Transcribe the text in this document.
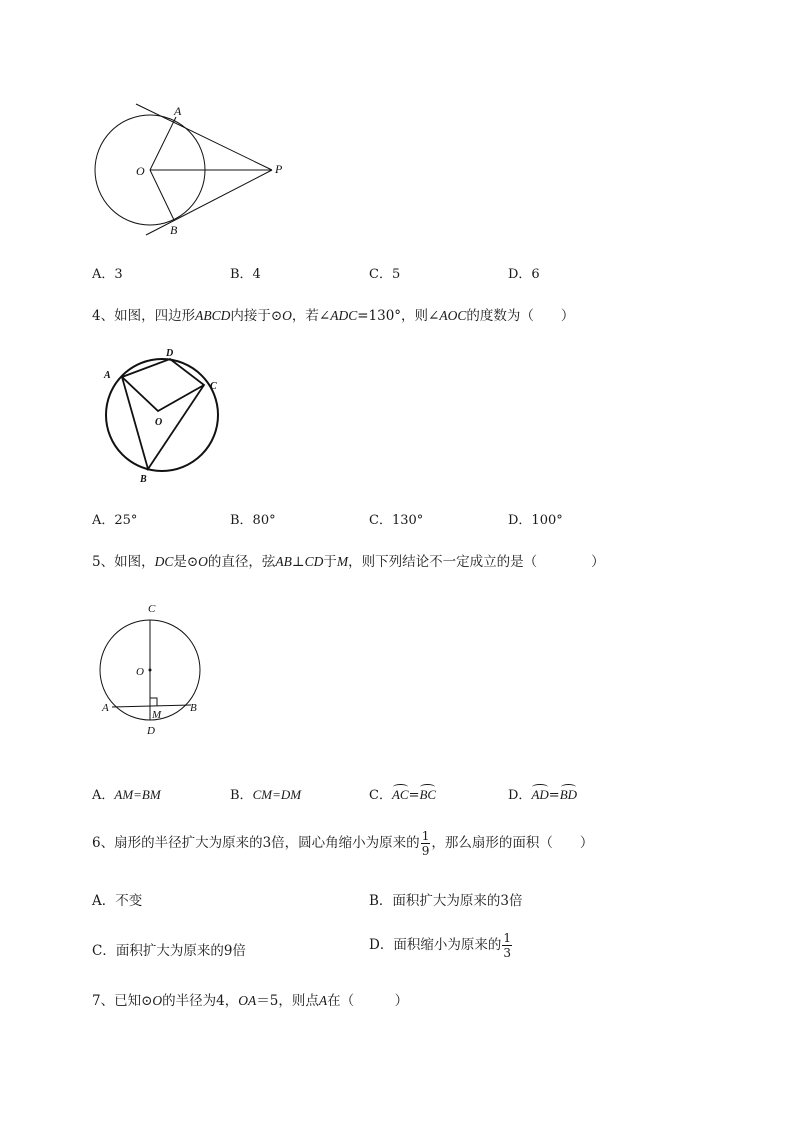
A
O	P
B
A．3	B．4	C．5	D．6
4、如图，四边形ABCD内接于⊙O，若∠ADC=130°，则∠AOC的度数为（　　）
A
D
C
O
B
A．25°	B．80°	C．130°	D．100°
5、如图，DC是⊙O的直径，弦AB⊥CD于M，则下列结论不一定成立的是（　　　　）
C
O
A
M
B
D
A．AM=BM	B．CM=DM	C．AC=BC	D．AD=BD
6、扇形的半径扩大为原来的3倍，圆心角缩小为原来的 $\frac{1}{9}$ ，那么扇形的面积（　　）
A．不变	B．面积扩大为原来的3倍
C．面积扩大为原来的9倍	D．面积缩小为原来的 $\frac{1}{3}$
7、已知⊙O的半径为4，OA＝5，则点A在（　　　）
